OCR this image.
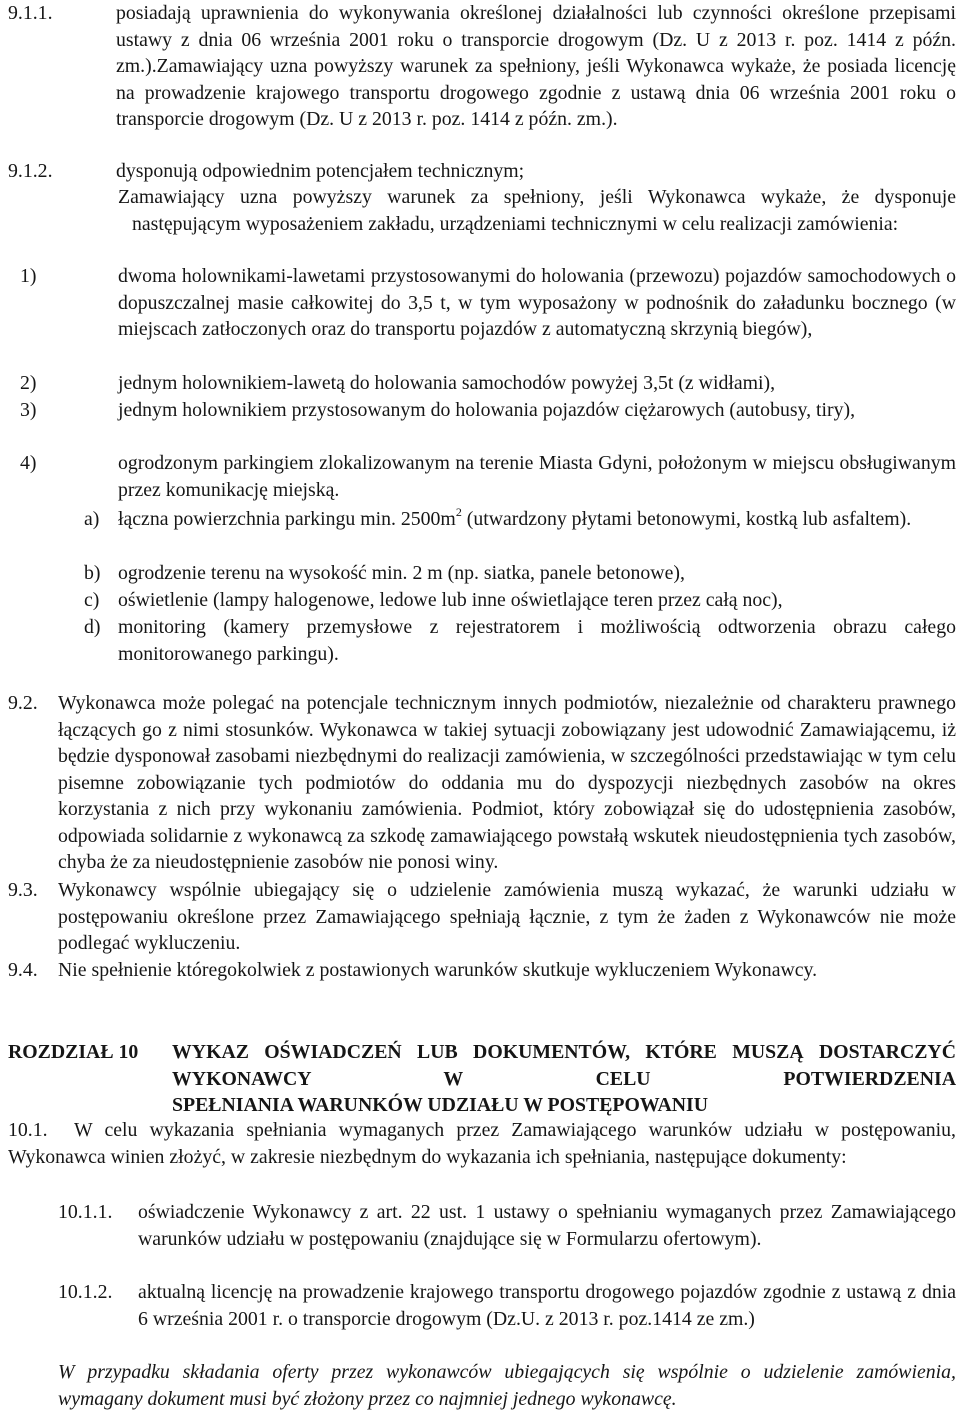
9.1.1.	posiadają uprawnienia do wykonywania określonej działalności lub czynności określone przepisami ustawy z dnia 06 września 2001 roku o transporcie drogowym (Dz. U z 2013 r. poz. 1414 z późn. zm.).Zamawiający uzna powyższy warunek za spełniony, jeśli Wykonawca wykaże, że posiada licencję na prowadzenie krajowego transportu drogowego zgodnie z ustawą dnia 06 września 2001 roku o transporcie drogowym (Dz. U z 2013 r. poz. 1414 z późn. zm.).

9.1.2.	dysponują odpowiednim potencjałem technicznym;

Zamawiający uzna powyższy warunek za spełniony, jeśli Wykonawca wykaże, że dysponuje następującym wyposażeniem zakładu, urządzeniami technicznymi w celu realizacji zamówienia:

1)	dwoma holownikami-lawetami przystosowanymi do holowania (przewozu) pojazdów samochodowych o dopuszczalnej masie całkowitej do 3,5 t, w tym wyposażony w podnośnik do załadunku bocznego (w miejscach zatłoczonych oraz do transportu pojazdów z automatyczną skrzynią biegów),

2)	jednym holownikiem-lawetą do holowania samochodów powyżej 3,5t (z widłami),

3)	jednym holownikiem przystosowanym do holowania pojazdów ciężarowych (autobusy, tiry),

4)	ogrodzonym parkingiem zlokalizowanym na terenie Miasta Gdyni, położonym w miejscu obsługiwanym przez komunikację miejską.

a) łączna powierzchnia parkingu min. $2500m^2$ (utwardzony płytami betonowymi, kostką lub asfaltem).

b) ogrodzenie terenu na wysokość min. 2 m (np. siatka, panele betonowe),

c) oświetlenie (lampy halogenowe, ledowe lub inne oświetlające teren przez całą noc),

d) monitoring (kamery przemysłowe z rejestratorem i możliwością odtworzenia obrazu całego monitorowanego parkingu).

9.2.	Wykonawca może polegać na potencjale technicznym innych podmiotów, niezależnie od charakteru prawnego łączących go z nimi stosunków. Wykonawca w takiej sytuacji zobowiązany jest udowodnić Zamawiającemu, iż będzie dysponował zasobami niezbędnymi do realizacji zamówienia, w szczególności przedstawiając w tym celu pisemne zobowiązanie tych podmiotów do oddania mu do dyspozycji niezbędnych zasobów na okres korzystania z nich przy wykonaniu zamówienia. Podmiot, który zobowiązał się do udostępnienia zasobów, odpowiada solidarnie z wykonawcą za szkodę zamawiającego powstałą wskutek nieudostępnienia tych zasobów, chyba że za nieudostępnienie zasobów nie ponosi winy.

9.3.	Wykonawcy wspólnie ubiegający się o udzielenie zamówienia muszą wykazać, że warunki udziału w postępowaniu określone przez Zamawiającego spełniają łącznie, z tym że żaden z Wykonawców nie może podlegać wykluczeniu.

9.4.	Nie spełnienie któregokolwiek z postawionych warunków skutkuje wykluczeniem Wykonawcy.

ROZDZIAŁ 10	WYKAZ OŚWIADCZEŃ LUB DOKUMENTÓW, KTÓRE MUSZĄ DOSTARCZYĆ WYKONAWCY W CELU POTWIERDZENIA

SPEŁNIANIA WARUNKÓW UDZIAŁU W POSTĘPOWANIU

10.1. W celu wykazania spełniania wymaganych przez Zamawiającego warunków udziału w postępowaniu, Wykonawca winien złożyć, w zakresie niezbędnym do wykazania ich spełniania, następujące dokumenty:

10.1.1.	oświadczenie Wykonawcy z art. 22 ust. 1 ustawy o spełnianiu wymaganych przez Zamawiającego warunków udziału w postępowaniu (znajdujące się w Formularzu ofertowym).

10.1.2.	aktualną licencję na prowadzenie krajowego transportu drogowego pojazdów zgodnie z ustawą z dnia 6 września 2001 r. o transporcie drogowym (Dz.U. z 2013 r. poz.1414 ze zm.)

W przypadku składania oferty przez wykonawców ubiegających się wspólnie o udzielenie zamówienia, wymagany dokument musi być złożony przez co najmniej jednego wykonawcę.
